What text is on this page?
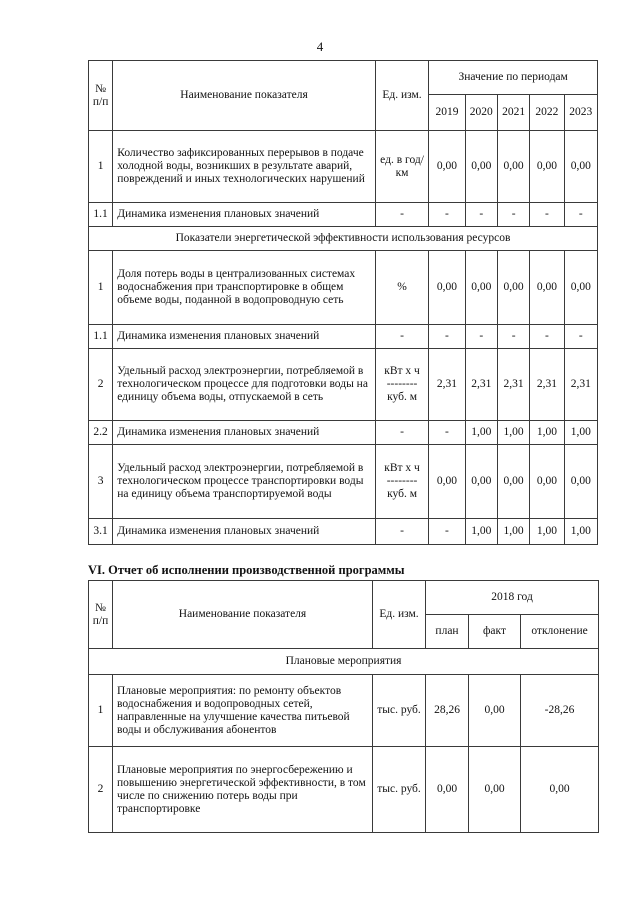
4
№ п/п	Наименование показателя	Ед. изм.	Значение по периодам				
			2019	2020	2021	2022	2023
1	Количество зафиксированных перерывов в подаче холодной воды, возникших в результате аварий, повреждений и иных технологических нарушений	ед. в год/км	0,00	0,00	0,00	0,00	0,00
1.1	Динамика изменения плановых значений	-	-	-	-	-	-
Показатели энергетической эффективности использования ресурсов							
1	Доля потерь воды в централизованных системах водоснабжения при транспортировке в общем объеме воды, поданной в водопроводную сеть	%	0,00	0,00	0,00	0,00	0,00
1.1	Динамика изменения плановых значений	-	-	-	-	-	-
2	Удельный расход электроэнергии, потребляемой в технологическом процессе для подготовки воды на единицу объема воды, отпускаемой в сеть	кВт х ч
--------
куб. м	2,31	2,31	2,31	2,31	2,31
2.2	Динамика изменения плановых значений	-	-	1,00	1,00	1,00	1,00
3	Удельный расход электроэнергии, потребляемой в технологическом процессе транспортировки воды на единицу объема транспортируемой воды	кВт х ч
--------
куб. м	0,00	0,00	0,00	0,00	0,00
3.1	Динамика изменения плановых значений	-	-	1,00	1,00	1,00	1,00
VI. Отчет об исполнении производственной программы
№ п/п	Наименование показателя	Ед. изм.	2018 год		
			план	факт	отклонение
Плановые мероприятия					
1	Плановые мероприятия: по ремонту объектов водоснабжения и водопроводных сетей, направленные на улучшение качества питьевой воды и обслуживания абонентов	тыс. руб.	28,26	0,00	-28,26
2	Плановые мероприятия по энергосбережению и повышению энергетической эффективности, в том числе по снижению потерь воды при транспортировке	тыс. руб.	0,00	0,00	0,00
